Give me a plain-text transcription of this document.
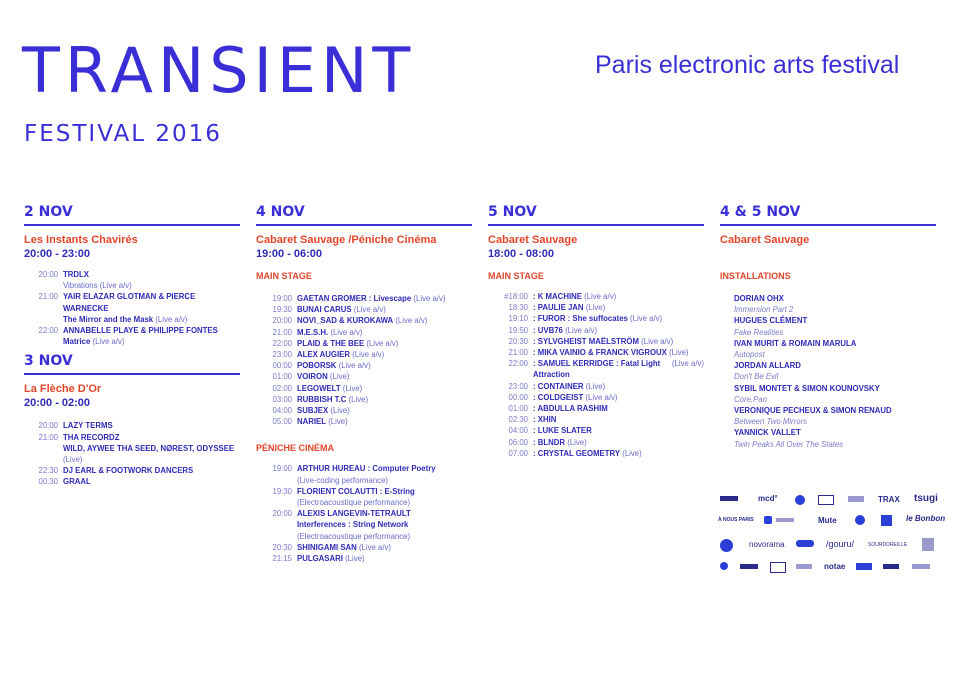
TRANSIENT
FESTIVAL 2016
Paris electronic arts festival
2 NOV
Les Instants Chavirés
20:00 - 23:00
20:00 TRDLX
Vibrations (Live a/v)
21:00 YAIR ELAZAR GLOTMAN & PIERCE WARNECKE
The Mirror and the Mask (Live a/v)
22:00 ANNABELLE PLAYE & PHILIPPE FONTES
Matrice (Live a/v)
3 NOV
La Flèche D'Or
20:00 - 02:00
20:00 LAZY TERMS
21:00 THA RECORDZ
WILD, AYWEE THA SEED, NØREST, ODYSSEE
(Live)
22:30 DJ EARL & FOOTWORK DANCERS
00:30 GRAAL
4 NOV
Cabaret Sauvage /Péniche Cinéma
19:00 - 06:00
MAIN STAGE
19:00 GAETAN GROMER : Livescape (Live a/v)
19:30 BUNAI CARUS (Live a/v)
20:00 NOVI_SAD & KUROKAWA (Live a/v)
21:00 M.E.S.H. (Live a/v)
22:00 PLAID & THE BEE (Live a/v)
23:00 ALEX AUGIER (Live a/v)
00:00 POBORSK (Live a/v)
01:00 VOIRON (Live)
02:00 LEGOWELT (Live)
03:00 RUBBISH T.C (Live)
04:00 SUBJEX (Live)
05:00 NARIEL (Live)
PÉNICHE CINÉMA
19:00 ARTHUR HUREAU : Computer Poetry
(Live-coding performance)
19:30 FLORIENT COLAUTTI : E-String
(Electroacoustique performance)
20:00 ALEXIS LANGEVIN-TETRAULT
Interferences : String Network
(Electroacoustique performance)
20:30 SHINIGAMI SAN (Live a/v)
21:15 PULGASARI (Live)
5 NOV
Cabaret Sauvage
18:00 - 08:00
MAIN STAGE
#18:00 : K MACHINE (Live a/v)
18:30 : PAULIE JAN (Live)
19:10 : FUROR : She suffocates (Live a/v)
19:50 : UVB76 (Live a/v)
20:30 : SYLVGHEIST MAËLSTRÖM (Live a/v)
21:00 : MIKA VAINIO & FRANCK VIGROUX (Live)
22:00 : SAMUEL KERRIDGE : Fatal Light Attraction
(Live a/v)
23:00 : CONTAINER (Live)
00:00 : COLDGEIST (Live a/v)
01:00 : ABDULLA RASHIM
02:30 : XHIN
04:00 : LUKE SLATER
06:00 : BLNDR (Live)
07:00 : CRYSTAL GEOMETRY (Live)
4 & 5 NOV
Cabaret Sauvage
INSTALLATIONS
DORIAN OHX
Immersion Part 2
HUGUES CLÉMENT
Fake Realities
IVAN MURIT & ROMAIN MARULA
Autopost
JORDAN ALLARD
Don't Be Evil
SYBIL MONTET & SIMON KOUNOVSKY
Core.Pan
VERONIQUE PECHEUX & SIMON RENAUD
Between Two Mirrors
YANNICK VALLET
Twin Peaks All Over The States
mcd°	TRAX tsugi
À NOUS PARIS	Mute	le Bonbon
novorama	/gouru/	SOURDOREILLE
notae
